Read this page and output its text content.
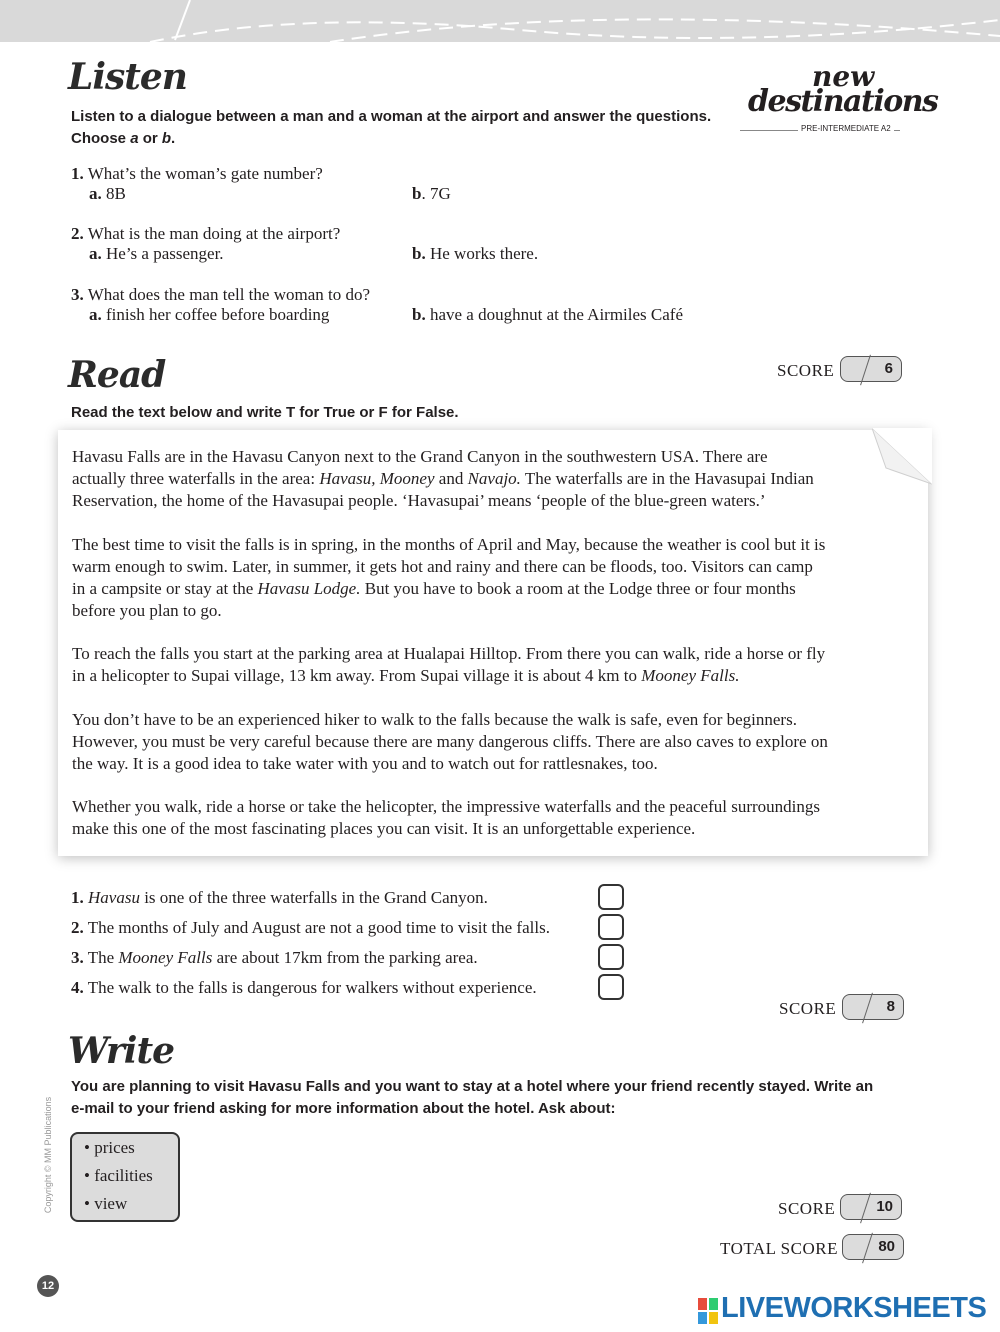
new
destinations
PRE-INTERMEDIATE A2
Listen
Listen to a dialogue between a man and a woman at the airport and answer the questions.
Choose a or b.
1. What’s the woman’s gate number?
a. 8B	b. 7G
2. What is the man doing at the airport?
a. He’s a passenger.	b. He works there.
3. What does the man tell the woman to do?
a. finish her coffee before boarding	b. have a doughnut at the Airmiles Café
Read	SCORE	6
Read the text below and write T for True or F for False.

Havasu Falls are in the Havasu Canyon next to the Grand Canyon in the southwestern USA. There are
actually three waterfalls in the area: Havasu, Mooney and Navajo. The waterfalls are in the Havasupai Indian
Reservation, the home of the Havasupai people. ‘Havasupai’ means ‘people of the blue-green waters.’

The best time to visit the falls is in spring, in the months of April and May, because the weather is cool but it is
warm enough to swim. Later, in summer, it gets hot and rainy and there can be floods, too. Visitors can camp
in a campsite or stay at the Havasu Lodge. But you have to book a room at the Lodge three or four months
before you plan to go.

To reach the falls you start at the parking area at Hualapai Hilltop. From there you can walk, ride a horse or fly
in a helicopter to Supai village, 13 km away. From Supai village it is about 4 km to Mooney Falls.

You don’t have to be an experienced hiker to walk to the falls because the walk is safe, even for beginners.
However, you must be very careful because there are many dangerous cliffs. There are also caves to explore on
the way. It is a good idea to take water with you and to watch out for rattlesnakes, too.

Whether you walk, ride a horse or take the helicopter, the impressive waterfalls and the peaceful surroundings
make this one of the most fascinating places you can visit. It is an unforgettable experience.

1. Havasu is one of the three waterfalls in the Grand Canyon.
2. The months of July and August are not a good time to visit the falls.
3. The Mooney Falls are about 17km from the parking area.
4. The walk to the falls is dangerous for walkers without experience.
SCORE	8
Write
You are planning to visit Havasu Falls and you want to stay at a hotel where your friend recently stayed. Write an
e-mail to your friend asking for more information about the hotel. Ask about:
• prices
• facilities
• view	SCORE	10
TOTAL SCORE	80
Copyright © MM Publications
12
LIVEWORKSHEETS
